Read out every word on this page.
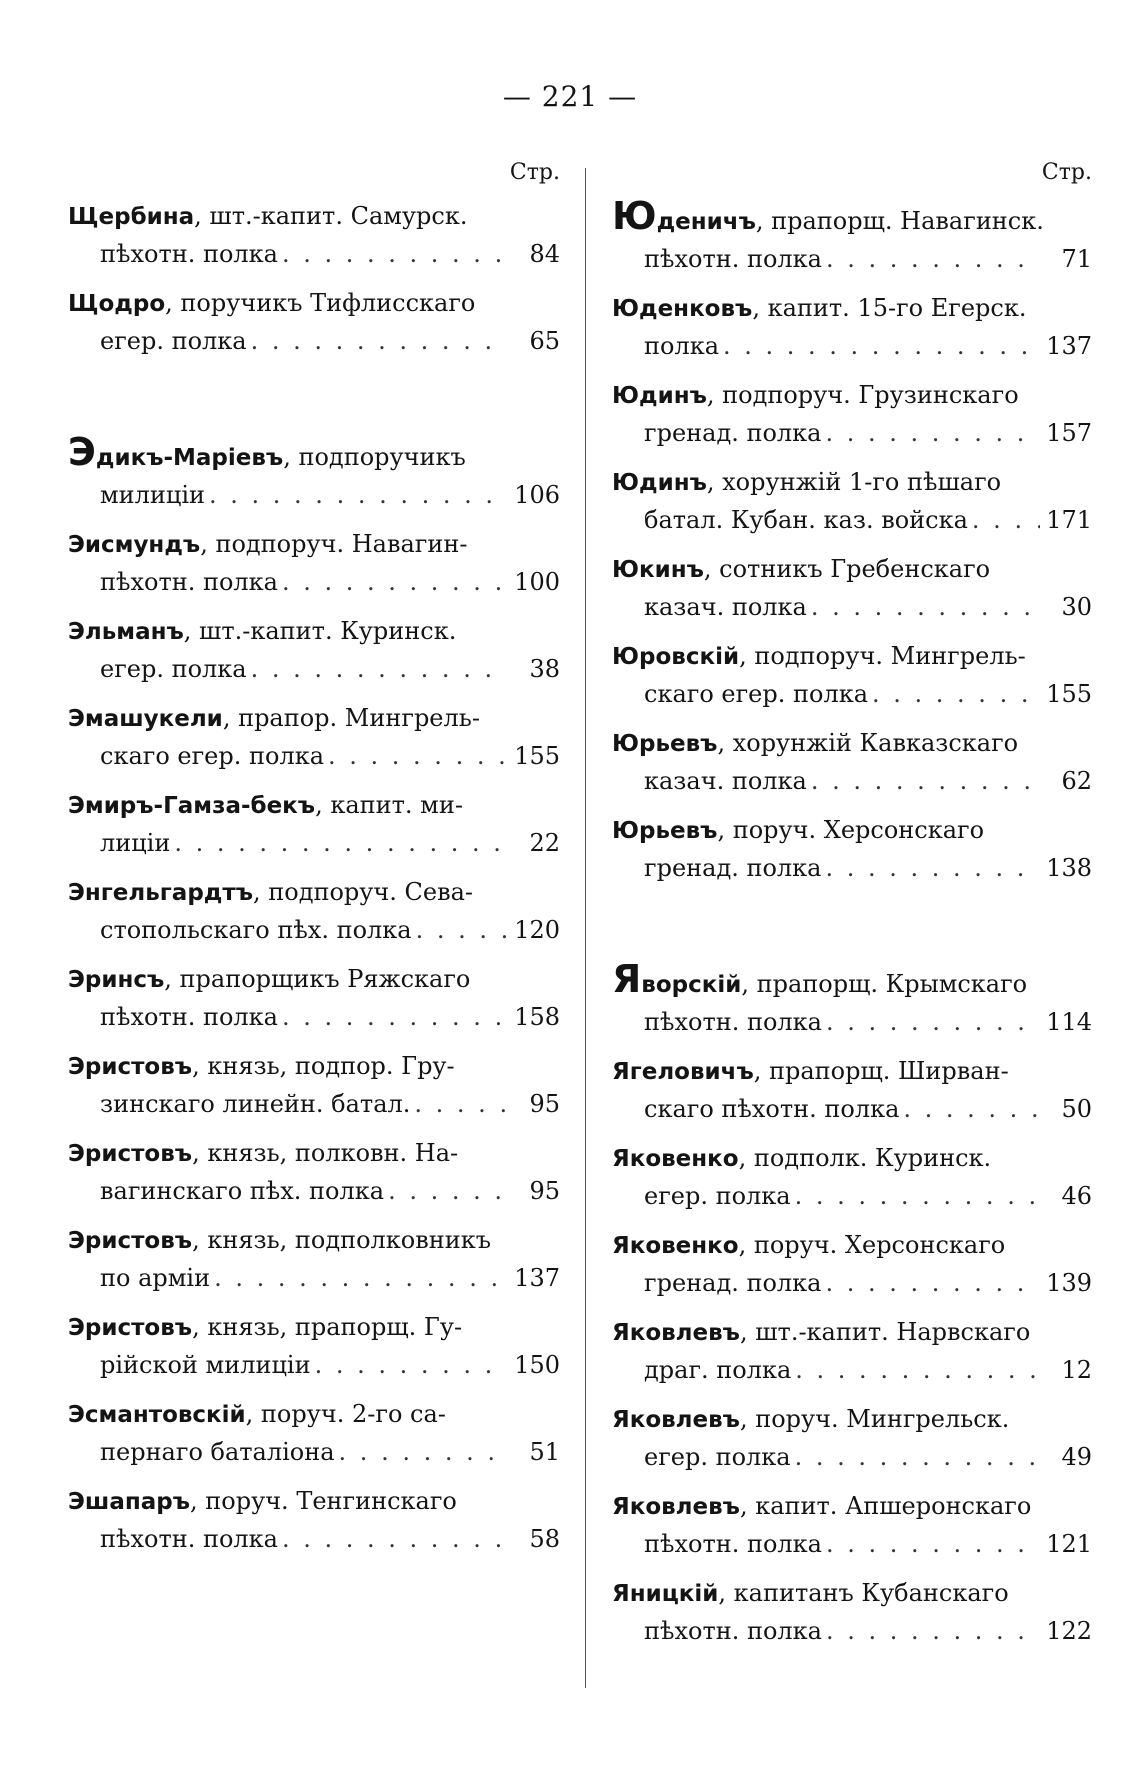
— 221 —
Стр.
Щербина, шт.-капит. Самурск.
пѣхотн. полка . . .	84
Щодро, поручикъ Тифлисскаго
егер. полка . . .	65
Эдикъ-Маріевъ, подпоручикъ
милиціи . . .	106
Эисмундъ, подпоруч. Навагин-
пѣхотн. полка . . .	100
Эльманъ, шт.-капит. Куринск.
егер. полка . . .	38
Эмашукели, прапор. Мингрель-
скаго егер. полка . . .	155
Эмиръ-Гамза-бекъ, капит. ми-
лиціи . . .	22
Энгельгардтъ, подпоруч. Сева-
стопольскаго пѣх. полка . . .	120
Эринсъ, прапорщикъ Ряжскаго
пѣхотн. полка . . .	158
Эристовъ, князь, подпор. Гру-
зинскаго линейн. батал. . . .	95
Эристовъ, князь, полковн. На-
вагинскаго пѣх. полка . . .	95
Эристовъ, князь, подполковникъ
по арміи . . .	137
Эристовъ, князь, прапорщ. Гу-
рійской милиціи . . .	150
Эсмантовскій, поруч. 2-го са-
пернаго баталіона . . .	51
Эшапаръ, поруч. Тенгинскаго
пѣхотн. полка . . .	58
Стр.
Юденичъ, прапорщ. Навагинск.
пѣхотн. полка . . .	71
Юденковъ, капит. 15-го Егерск.
полка . . .	137
Юдинъ, подпоруч. Грузинскаго
гренад. полка . . .	157
Юдинъ, хорунжій 1-го пѣшаго
батал. Кубан. каз. войска . . .	171
Юкинъ, сотникъ Гребенскаго
казач. полка . . .	30
Юровскій, подпоруч. Мингрель-
скаго егер. полка . . .	155
Юрьевъ, хорунжій Кавказскаго
казач. полка . . .	62
Юрьевъ, поруч. Херсонскаго
гренад. полка . . .	138
Яворскій, прапорщ. Крымскаго
пѣхотн. полка . . .	114
Ягеловичъ, прапорщ. Ширван-
скаго пѣхотн. полка . . .	50
Яковенко, подполк. Куринск.
егер. полка . . .	46
Яковенко, поруч. Херсонскаго
гренад. полка . . .	139
Яковлевъ, шт.-капит. Нарвскаго
драг. полка . . .	12
Яковлевъ, поруч. Мингрельск.
егер. полка . . .	49
Яковлевъ, капит. Апшеронскаго
пѣхотн. полка . . .	121
Яницкій, капитанъ Кубанскаго
пѣхотн. полка . . .	122
